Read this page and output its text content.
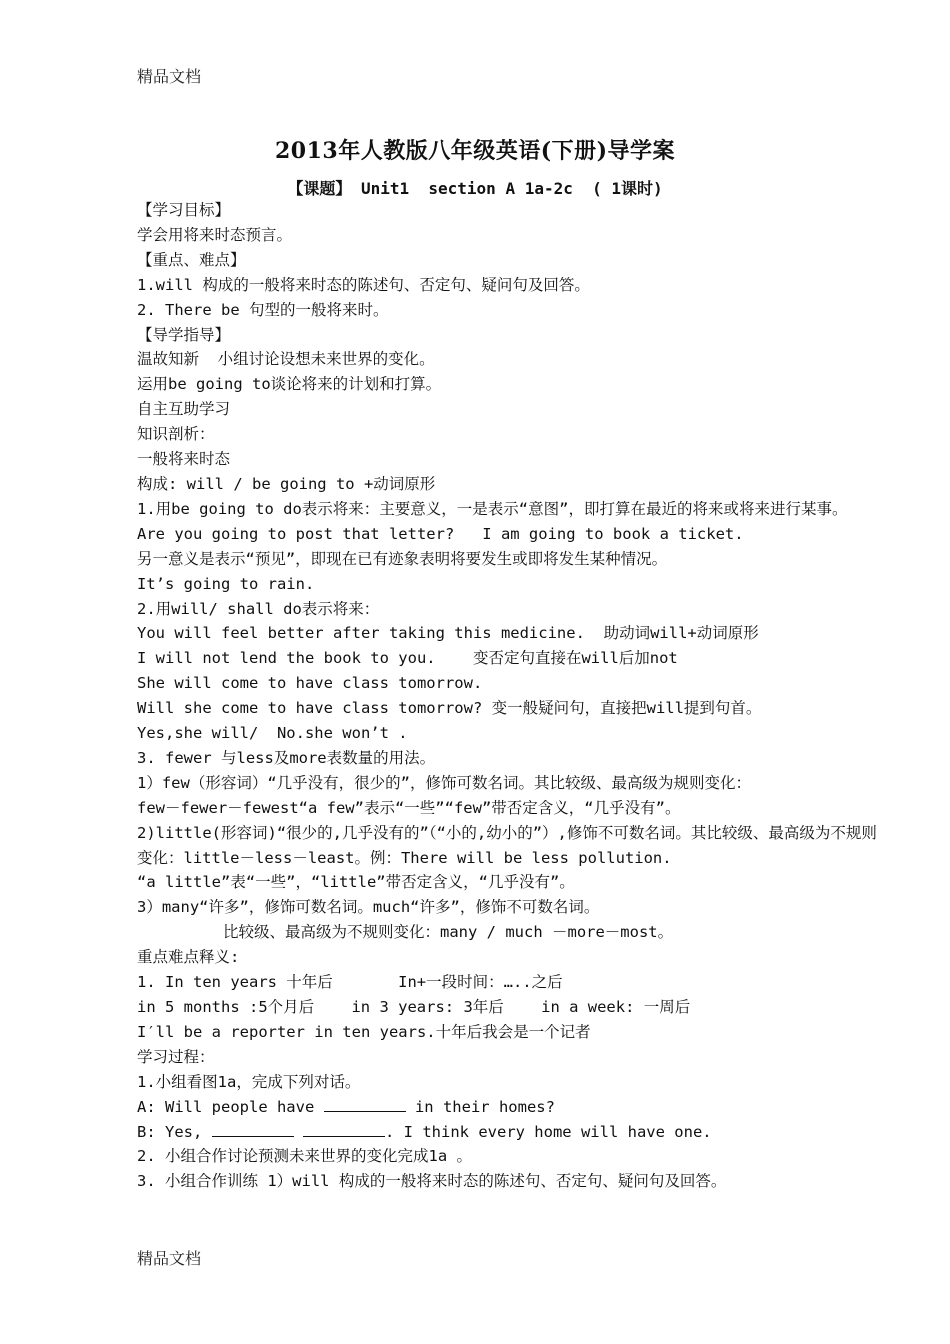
精品文档
2013年人教版八年级英语(下册)导学案
【课题】 Unit1  section A 1a-2c  ( 1课时)

【学习目标】

学会用将来时态预言。

【重点、难点】

1.will 构成的一般将来时态的陈述句、否定句、疑问句及回答。

2. There be 句型的一般将来时。

【导学指导】

温故知新  小组讨论设想未来世界的变化。

运用be going to谈论将来的计划和打算。

自主互助学习

知识剖析：

一般将来时态

构成: will / be going to +动词原形

1.用be going to do表示将来：主要意义，一是表示“意图”，即打算在最近的将来或将来进行某事。

Are you going to post that letter?   I am going to book a ticket.

另一意义是表示“预见”，即现在已有迹象表明将要发生或即将发生某种情况。

It’s going to rain.

2.用will/ shall do表示将来：

You will feel better after taking this medicine.  助动词will+动词原形

I will not lend the book to you.    变否定句直接在will后加not

She will come to have class tomorrow.

Will she come to have class tomorrow? 变一般疑问句，直接把will提到句首。

Yes,she will/  No.she won’t .

3. fewer 与less及more表数量的用法。

1）few（形容词）“几乎没有，很少的”，修饰可数名词。其比较级、最高级为规则变化：

few－fewer－fewest“a few”表示“一些”“few”带否定含义，“几乎没有”。

2)little(形容词)“很少的,几乎没有的”（“小的,幼小的”）,修饰不可数名词。其比较级、最高级为不规则变化：little－less－least。例：There will be less pollution.

“a little”表“一些”，“little”带否定含义，“几乎没有”。

3）many“许多”，修饰可数名词。much“许多”，修饰不可数名词。

比较级、最高级为不规则变化：many / much －more－most。

重点难点释义:

1. In ten years 十年后       In+一段时间：…..之后

in 5 months :5个月后    in 3 years: 3年后    in a week: 一周后

I′ll be a reporter in ten years.十年后我会是一个记者

学习过程：

1.小组看图1a，完成下列对话。

A: Will people have	in their homes?

B: Yes,	. I think every home will have one.

2. 小组合作讨论预测未来世界的变化完成1a 。

3. 小组合作训练 1）will 构成的一般将来时态的陈述句、否定句、疑问句及回答。

精品文档
